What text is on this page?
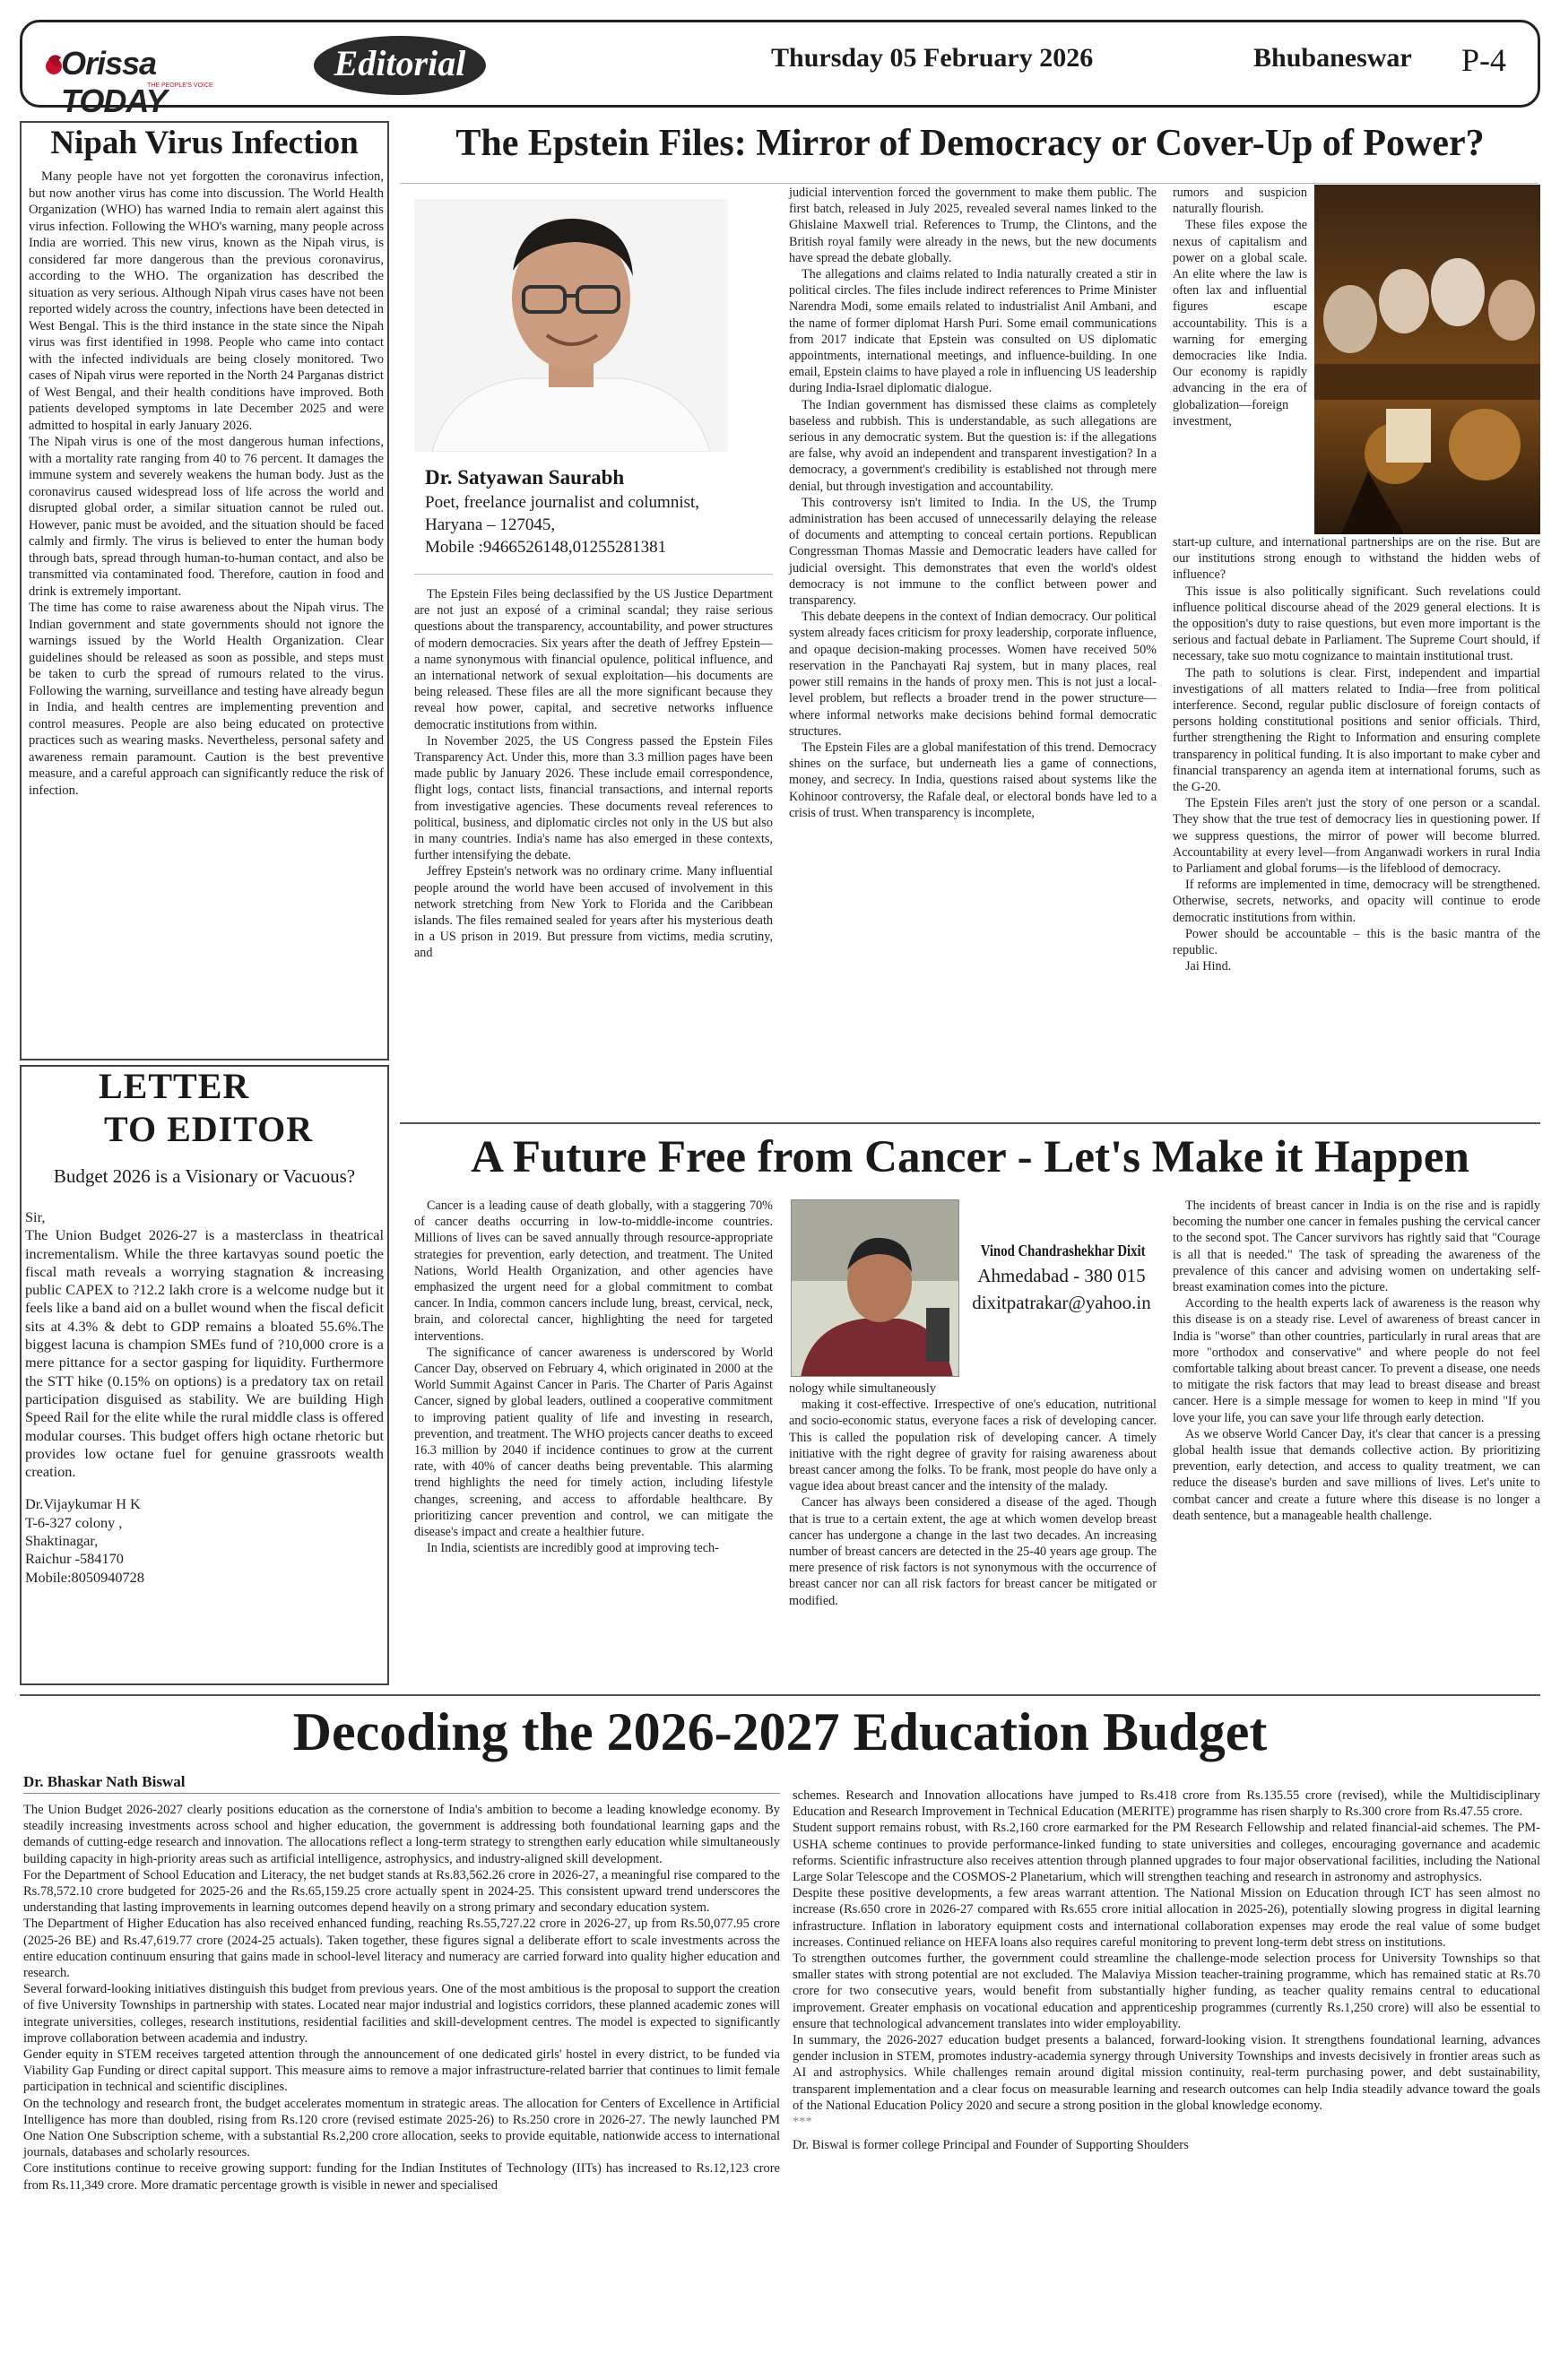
Orissa TODAY
THE PEOPLE'S VOICE
Editorial	Thursday 05 February 2026	Bhubaneswar P-4
Nipah Virus Infection

Many people have not yet forgotten the coronavirus infection, but now another virus has come into discussion. The World Health Organization (WHO) has warned India to remain alert against this virus infection. Following the WHO's warning, many people across India are worried. This new virus, known as the Nipah virus, is considered far more dangerous than the previous coronavirus, according to the WHO. The organization has described the situation as very serious. Although Nipah virus cases have not been reported widely across the country, infections have been detected in West Bengal. This is the third instance in the state since the Nipah virus was first identified in 1998. People who came into contact with the infected individuals are being closely monitored. Two cases of Nipah virus were reported in the North 24 Parganas district of West Bengal, and their health conditions have improved. Both patients developed symptoms in late December 2025 and were admitted to hospital in early January 2026.

The Nipah virus is one of the most dangerous human infections, with a mortality rate ranging from 40 to 76 percent. It damages the immune system and severely weakens the human body. Just as the coronavirus caused widespread loss of life across the world and disrupted global order, a similar situation cannot be ruled out. However, panic must be avoided, and the situation should be faced calmly and firmly. The virus is believed to enter the human body through bats, spread through human-to-human contact, and also be transmitted via contaminated food. Therefore, caution in food and drink is extremely important.

The time has come to raise awareness about the Nipah virus. The Indian government and state governments should not ignore the warnings issued by the World Health Organization. Clear guidelines should be released as soon as possible, and steps must be taken to curb the spread of rumours related to the virus. Following the warning, surveillance and testing have already begun in India, and health centres are implementing prevention and control measures. People are also being educated on protective practices such as wearing masks. Nevertheless, personal safety and awareness remain paramount. Caution is the best preventive measure, and a careful approach can significantly reduce the risk of infection.

LETTER
TO EDITOR
Budget 2026 is a Visionary or Vacuous?

Sir,

The Union Budget 2026-27 is a masterclass in theatrical incrementalism. While the three kartavyas sound poetic the fiscal math reveals a worrying stagnation & increasing public CAPEX to ?12.2 lakh crore is a welcome nudge but it feels like a band aid on a bullet wound when the fiscal deficit sits at 4.3% & debt to GDP remains a bloated 55.6%.The biggest lacuna is champion SMEs fund of ?10,000 crore is a mere pittance for a sector gasping for liquidity. Furthermore the STT hike (0.15% on options) is a predatory tax on retail participation disguised as stability. We are building High Speed Rail for the elite while the rural middle class is offered modular courses. This budget offers high octane rhetoric but provides low octane fuel for genuine grassroots wealth creation.

Dr.Vijaykumar H K

T-6-327 colony ,

Shaktinagar,

Raichur -584170

Mobile:8050940728

The Epstein Files: Mirror of Democracy or Cover-Up of Power?
Dr. Satyawan Saurabh
Poet, freelance journalist and columnist,
Haryana – 127045,
Mobile :9466526148,01255281381

The Epstein Files being declassified by the US Justice Department are not just an exposé of a criminal scandal; they raise serious questions about the transparency, accountability, and power structures of modern democracies. Six years after the death of Jeffrey Epstein—a name synonymous with financial opulence, political influence, and an international network of sexual exploitation—his documents are being released. These files are all the more significant because they reveal how power, capital, and secretive networks influence democratic institutions from within.

In November 2025, the US Congress passed the Epstein Files Transparency Act. Under this, more than 3.3 million pages have been made public by January 2026. These include email correspondence, flight logs, contact lists, financial transactions, and internal reports from investigative agencies. These documents reveal references to political, business, and diplomatic circles not only in the US but also in many countries. India's name has also emerged in these contexts, further intensifying the debate.

Jeffrey Epstein's network was no ordinary crime. Many influential people around the world have been accused of involvement in this network stretching from New York to Florida and the Caribbean islands. The files remained sealed for years after his mysterious death in a US prison in 2019. But pressure from victims, media scrutiny, and

judicial intervention forced the government to make them public. The first batch, released in July 2025, revealed several names linked to the Ghislaine Maxwell trial. References to Trump, the Clintons, and the British royal family were already in the news, but the new documents have spread the debate globally.

The allegations and claims related to India naturally created a stir in political circles. The files include indirect references to Prime Minister Narendra Modi, some emails related to industrialist Anil Ambani, and the name of former diplomat Harsh Puri. Some email communications from 2017 indicate that Epstein was consulted on US diplomatic appointments, international meetings, and influence-building. In one email, Epstein claims to have played a role in influencing US leadership during India-Israel diplomatic dialogue.

The Indian government has dismissed these claims as completely baseless and rubbish. This is understandable, as such allegations are serious in any democratic system. But the question is: if the allegations are false, why avoid an independent and transparent investigation? In a democracy, a government's credibility is established not through mere denial, but through investigation and accountability.

This controversy isn't limited to India. In the US, the Trump administration has been accused of unnecessarily delaying the release of documents and attempting to conceal certain portions. Republican Congressman Thomas Massie and Democratic leaders have called for judicial oversight. This demonstrates that even the world's oldest democracy is not immune to the conflict between power and transparency.

This debate deepens in the context of Indian democracy. Our political system already faces criticism for proxy leadership, corporate influence, and opaque decision-making processes. Women have received 50% reservation in the Panchayati Raj system, but in many places, real power still remains in the hands of proxy men. This is not just a local-level problem, but reflects a broader trend in the power structure—where informal networks make decisions behind formal democratic structures.

The Epstein Files are a global manifestation of this trend. Democracy shines on the surface, but underneath lies a game of connections, money, and secrecy. In India, questions raised about systems like the Kohinoor controversy, the Rafale deal, or electoral bonds have led to a crisis of trust. When transparency is incomplete,

rumors and suspicion naturally flourish.

These files expose the nexus of capitalism and power on a global scale. An elite where the law is often lax and influential figures escape accountability. This is a warning for emerging democracies like India. Our economy is rapidly advancing in the era of globalization—foreign investment,

start-up culture, and international partnerships are on the rise. But are our institutions strong enough to withstand the hidden webs of influence?

This issue is also politically significant. Such revelations could influence political discourse ahead of the 2029 general elections. It is the opposition's duty to raise questions, but even more important is the serious and factual debate in Parliament. The Supreme Court should, if necessary, take suo motu cognizance to maintain institutional trust.

The path to solutions is clear. First, independent and impartial investigations of all matters related to India—free from political interference. Second, regular public disclosure of foreign contacts of persons holding constitutional positions and senior officials. Third, further strengthening the Right to Information and ensuring complete transparency in political funding. It is also important to make cyber and financial transparency an agenda item at international forums, such as the G-20.

The Epstein Files aren't just the story of one person or a scandal. They show that the true test of democracy lies in questioning power. If we suppress questions, the mirror of power will become blurred. Accountability at every level—from Anganwadi workers in rural India to Parliament and global forums—is the lifeblood of democracy.

If reforms are implemented in time, democracy will be strengthened. Otherwise, secrets, networks, and opacity will continue to erode democratic institutions from within.

Power should be accountable – this is the basic mantra of the republic.

Jai Hind.

A Future Free from Cancer - Let's Make it Happen

Cancer is a leading cause of death globally, with a staggering 70% of cancer deaths occurring in low-to-middle-income countries. Millions of lives can be saved annually through resource-appropriate strategies for prevention, early detection, and treatment. The United Nations, World Health Organization, and other agencies have emphasized the urgent need for a global commitment to combat cancer. In India, common cancers include lung, breast, cervical, neck, brain, and colorectal cancer, highlighting the need for targeted interventions.

The significance of cancer awareness is underscored by World Cancer Day, observed on February 4, which originated in 2000 at the World Summit Against Cancer in Paris. The Charter of Paris Against Cancer, signed by global leaders, outlined a cooperative commitment to improving patient quality of life and investing in research, prevention, and treatment. The WHO projects cancer deaths to exceed 16.3 million by 2040 if incidence continues to grow at the current rate, with 40% of cancer deaths being preventable. This alarming trend highlights the need for timely action, including lifestyle changes, screening, and access to affordable healthcare. By prioritizing cancer prevention and control, we can mitigate the disease's impact and create a healthier future.

In India, scientists are incredibly good at improving tech-

Vinod Chandrashekhar Dixit
Ahmedabad - 380 015
dixitpatrakar@yahoo.in

nology while simultaneously

making it cost-effective. Irrespective of one's education, nutritional and socio-economic status, everyone faces a risk of developing cancer. This is called the population risk of developing cancer. A timely initiative with the right degree of gravity for raising awareness about breast cancer among the folks. To be frank, most people do have only a vague idea about breast cancer and the intensity of the malady.

Cancer has always been considered a disease of the aged. Though that is true to a certain extent, the age at which women develop breast cancer has undergone a change in the last two decades. An increasing number of breast cancers are detected in the 25-40 years age group. The mere presence of risk factors is not synonymous with the occurrence of breast cancer nor can all risk factors for breast cancer be mitigated or modified.

The incidents of breast cancer in India is on the rise and is rapidly becoming the number one cancer in females pushing the cervical cancer to the second spot. The Cancer survivors has rightly said that "Courage is all that is needed." The task of spreading the awareness of the prevalence of this cancer and advising women on undertaking self- breast examination comes into the picture.

According to the health experts lack of awareness is the reason why this disease is on a steady rise. Level of awareness of breast cancer in India is "worse" than other countries, particularly in rural areas that are more "orthodox and conservative" and where people do not feel comfortable talking about breast cancer. To prevent a disease, one needs to mitigate the risk factors that may lead to breast disease and breast cancer. Here is a simple message for women to keep in mind "If you love your life, you can save your life through early detection.

As we observe World Cancer Day, it's clear that cancer is a pressing global health issue that demands collective action. By prioritizing prevention, early detection, and access to quality treatment, we can reduce the disease's burden and save millions of lives. Let's unite to combat cancer and create a future where this disease is no longer a death sentence, but a manageable health challenge.

Decoding the 2026-2027 Education Budget
Dr. Bhaskar Nath Biswal

The Union Budget 2026-2027 clearly positions education as the cornerstone of India's ambition to become a leading knowledge economy. By steadily increasing investments across school and higher education, the government is addressing both foundational learning gaps and the demands of cutting-edge research and innovation. The allocations reflect a long-term strategy to strengthen early education while simultaneously building capacity in high-priority areas such as artificial intelligence, astrophysics, and industry-aligned skill development.

For the Department of School Education and Literacy, the net budget stands at Rs.83,562.26 crore in 2026-27, a meaningful rise compared to the Rs.78,572.10 crore budgeted for 2025-26 and the Rs.65,159.25 crore actually spent in 2024-25. This consistent upward trend underscores the understanding that lasting improvements in learning outcomes depend heavily on a strong primary and secondary education system.

The Department of Higher Education has also received enhanced funding, reaching Rs.55,727.22 crore in 2026-27, up from Rs.50,077.95 crore (2025-26 BE) and Rs.47,619.77 crore (2024-25 actuals). Taken together, these figures signal a deliberate effort to scale investments across the entire education continuum ensuring that gains made in school-level literacy and numeracy are carried forward into quality higher education and research.

Several forward-looking initiatives distinguish this budget from previous years. One of the most ambitious is the proposal to support the creation of five University Townships in partnership with states. Located near major industrial and logistics corridors, these planned academic zones will integrate universities, colleges, research institutions, residential facilities and skill-development centres. The model is expected to significantly improve collaboration between academia and industry.

Gender equity in STEM receives targeted attention through the announcement of one dedicated girls' hostel in every district, to be funded via Viability Gap Funding or direct capital support. This measure aims to remove a major infrastructure-related barrier that continues to limit female participation in technical and scientific disciplines.

On the technology and research front, the budget accelerates momentum in strategic areas. The allocation for Centers of Excellence in Artificial Intelligence has more than doubled, rising from Rs.120 crore (revised estimate 2025-26) to Rs.250 crore in 2026-27. The newly launched PM One Nation One Subscription scheme, with a substantial Rs.2,200 crore allocation, seeks to provide equitable, nationwide access to international journals, databases and scholarly resources.

Core institutions continue to receive growing support: funding for the Indian Institutes of Technology (IITs) has increased to Rs.12,123 crore from Rs.11,349 crore. More dramatic percentage growth is visible in newer and specialised

schemes. Research and Innovation allocations have jumped to Rs.418 crore from Rs.135.55 crore (revised), while the Multidisciplinary Education and Research Improvement in Technical Education (MERITE) programme has risen sharply to Rs.300 crore from Rs.47.55 crore.

Student support remains robust, with Rs.2,160 crore earmarked for the PM Research Fellowship and related financial-aid schemes. The PM-USHA scheme continues to provide performance-linked funding to state universities and colleges, encouraging governance and academic reforms. Scientific infrastructure also receives attention through planned upgrades to four major observational facilities, including the National Large Solar Telescope and the COSMOS-2 Planetarium, which will strengthen teaching and research in astronomy and astrophysics.

Despite these positive developments, a few areas warrant attention. The National Mission on Education through ICT has seen almost no increase (Rs.650 crore in 2026-27 compared with Rs.655 crore initial allocation in 2025-26), potentially slowing progress in digital learning infrastructure. Inflation in laboratory equipment costs and international collaboration expenses may erode the real value of some budget increases. Continued reliance on HEFA loans also requires careful monitoring to prevent long-term debt stress on institutions.

To strengthen outcomes further, the government could streamline the challenge-mode selection process for University Townships so that smaller states with strong potential are not excluded. The Malaviya Mission teacher-training programme, which has remained static at Rs.70 crore for two consecutive years, would benefit from substantially higher funding, as teacher quality remains central to educational improvement. Greater emphasis on vocational education and apprenticeship programmes (currently Rs.1,250 crore) will also be essential to ensure that technological advancement translates into wider employability.

In summary, the 2026-2027 education budget presents a balanced, forward-looking vision. It strengthens foundational learning, advances gender inclusion in STEM, promotes industry-academia synergy through University Townships and invests decisively in frontier areas such as AI and astrophysics. While challenges remain around digital mission continuity, real-term purchasing power, and debt sustainability, transparent implementation and a clear focus on measurable learning and research outcomes can help India steadily advance toward the goals of the National Education Policy 2020 and secure a strong position in the global knowledge economy.

***

Dr. Biswal is former college Principal and Founder of Supporting Shoulders
